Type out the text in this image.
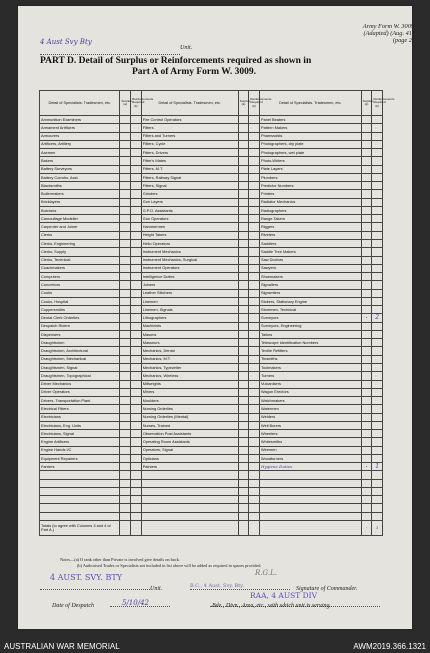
Army Form W. 3009
(Adapted) (Aug. 41)
(page 2)
4 Aust Svy Bty
Unit.
PART D. Detail of Surplus or Reinforcements required as shown in
Part A of Army Form W. 3009.
Detail of Specialists. Tradesmen, etc.	Surplus (a)	Reinforcements Required (b)	Detail of Specialists. Tradesmen, etc.	Surplus (a)	Reinforcements Required (b)	Detail of Specialists. Tradesmen, etc.	Surplus (a)	Reinforcements Required (b)
Ammunition Examiners			Fire Control Operators			Panel Beaters		
Armament Artificers			Fitters			Pattern Makers		
Armourers			Fitters and Turners			Pharmacists		
Artificers, Artillery			Fitters, Cycle			Photographers, dry plate		
Axemen			Fitters, Drivers			Photographers, wet plate		
Bakers			Fitter's Mates			Photo-Writers		
Battery Surveyors			Fitters, M.T.			Plate Layers		
Battery Comdrs. Asst.			Fitters, Railway Signal			Plumbers		
Blacksmiths			Fitters, Signal			Predictor Numbers		
Boilermakers			Grinders			Printers		
Bricklayers			Gun Layers			Radiator Mechanics		
Butchers			G.P.O. Assistants			Radiographers		
Camouflage Modeller			Gun Operators			Range Takers		
Carpenter and Joiner			Hammermen			Riggers		
Clerks			Height Takers			Riveters		
Clerks, Engineering			Helio Operators			Saddlers		
Clerks, Supply			Instrument Mechanics			Saddle Tree Makers		
Clerks, Technical			Instrument Mechanics, Surgical			Saw Doctors		
Coachmakers			Instrument Operators			Sawyers		
Computers			Intelligence Duties			Shoemakers		
Concretors			Joiners			Signallers		
Cooks			Leather Stitchers			Signwriters		
Cooks, Hospital			Linemen			Stokers, Stationary Engine		
Coppersmiths			Linemen, Signals			Storemen, Technical		
Dental Clerk Orderlies			Lithographers			Surveyors	-	2
Despatch Riders			Machinists			Surveyors, Engineering		
Dispensers			Masons			Tailors		
Draughtsmen			Masseurs			Telescope Identification Numbers		
Draughtsmen, Architectural			Mechanics, Dental			Textile Refitters		
Draughtsmen, Mechanical			Mechanics, M.T.			Tinsmiths		
Draughtsmen, Signal			Mechanics, Typewriter			Toolmakers		
Draughtsmen, Topographical			Mechanics, Wireless			Turners		
Driver Mechanics			Millwrights			Vulcanisers		
Driver Operators			Miners			Wagon Erectors		
Drivers, Transportation Plant			Moulders			Watchmakers		
Electrical Fitters			Nursing Orderlies			Watermen		
Electricians			Nursing Orderlies (Mental)			Welders		
Electricians, Eng. Units			Nurses, Trained			Well Borers		
Electricians, Signal			Observation Post Assistants			Wheelers		
Engine Artificers			Operating Room Assistants			Whitesmiths		
Engine Hands I/C			Operators, Signal			Wiremen		
Equipment Repairers			Opticians			Woodturners		
Farriers			Painters			Hygiene Duties	-	1

Totals (to agree with Columns 3 and 4 of Part A.)							-	3
Notes—(a) If rank other than Private is involved give details on back.
(b) Authorised Trades or Specialists not included in list above will be added as required in spaces provided.
4 AUST. SVY. BTY	R.G.L.
B.C., 4 Aust. Svy. Bty.
Unit.	Signature of Commander.
RAA, 4 AUST DIV
Date of Despatch	5/10/42	Bde., Divn., Area, etc., with which unit is serving.
AUSTRALIAN WAR MEMORIAL	AWM2019.366.1321
